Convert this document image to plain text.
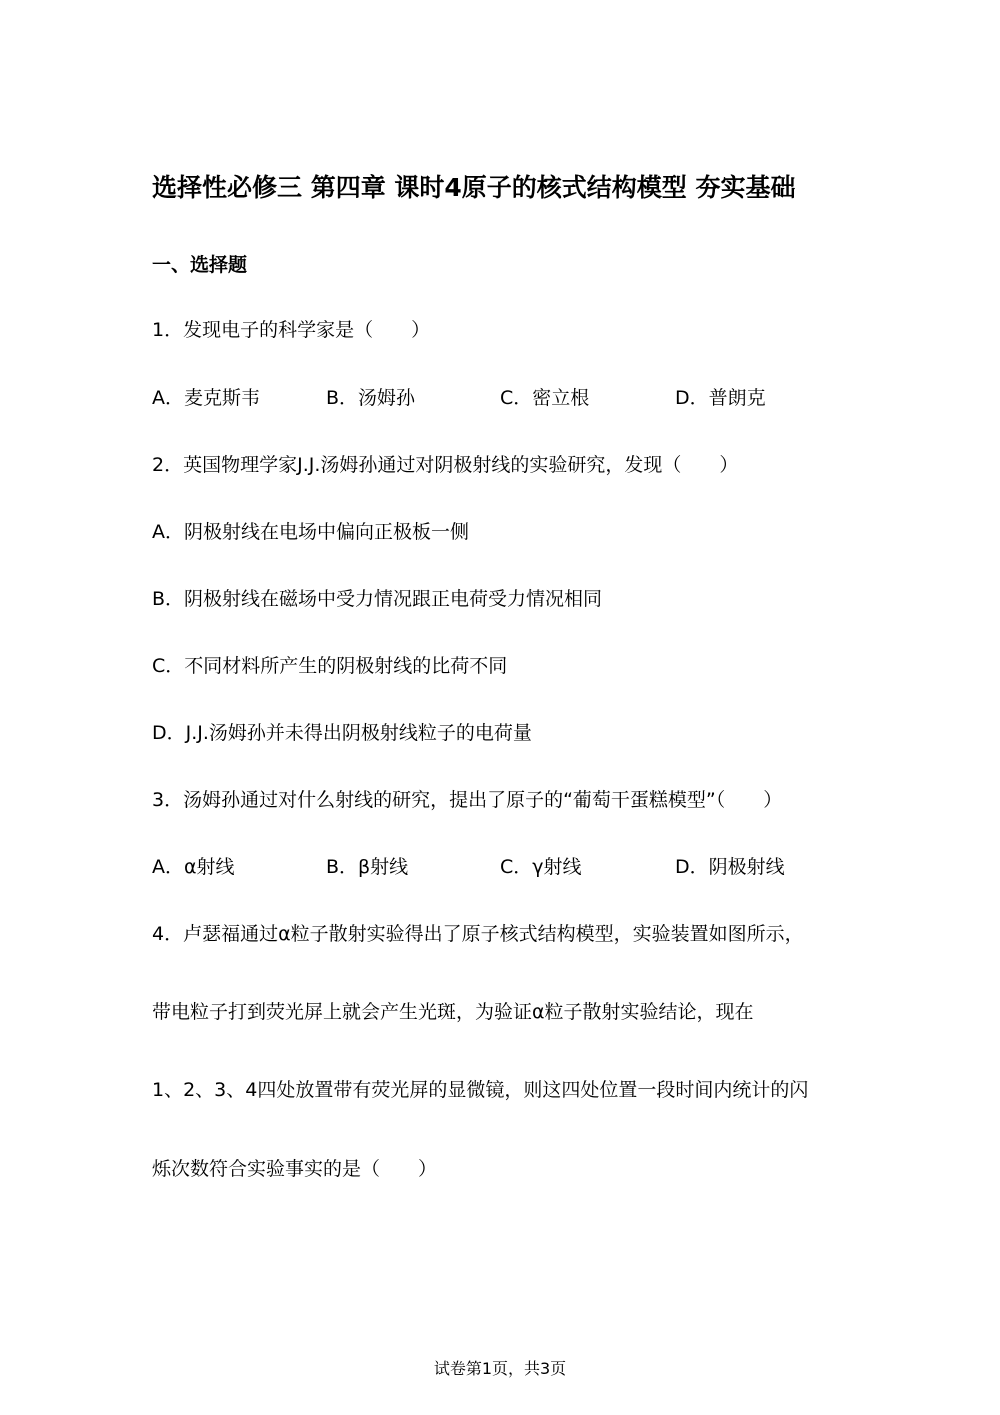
选择性必修三 第四章 课时4原子的核式结构模型 夯实基础
一、选择题
1．发现电子的科学家是（　　）
A．麦克斯韦	B．汤姆孙	C．密立根	D．普朗克
2．英国物理学家J.J.汤姆孙通过对阴极射线的实验研究，发现（　　）
A．阴极射线在电场中偏向正极板一侧
B．阴极射线在磁场中受力情况跟正电荷受力情况相同
C．不同材料所产生的阴极射线的比荷不同
D．J.J.汤姆孙并未得出阴极射线粒子的电荷量
3．汤姆孙通过对什么射线的研究，提出了原子的“葡萄干蛋糕模型”（　　）
A．α射线	B．β射线	C．γ射线	D．阴极射线
4．卢瑟福通过α粒子散射实验得出了原子核式结构模型，实验装置如图所示，
带电粒子打到荧光屏上就会产生光斑，为验证α粒子散射实验结论，现在
1、2、3、4四处放置带有荧光屏的显微镜，则这四处位置一段时间内统计的闪
烁次数符合实验事实的是（　　）
试卷第1页，共3页
